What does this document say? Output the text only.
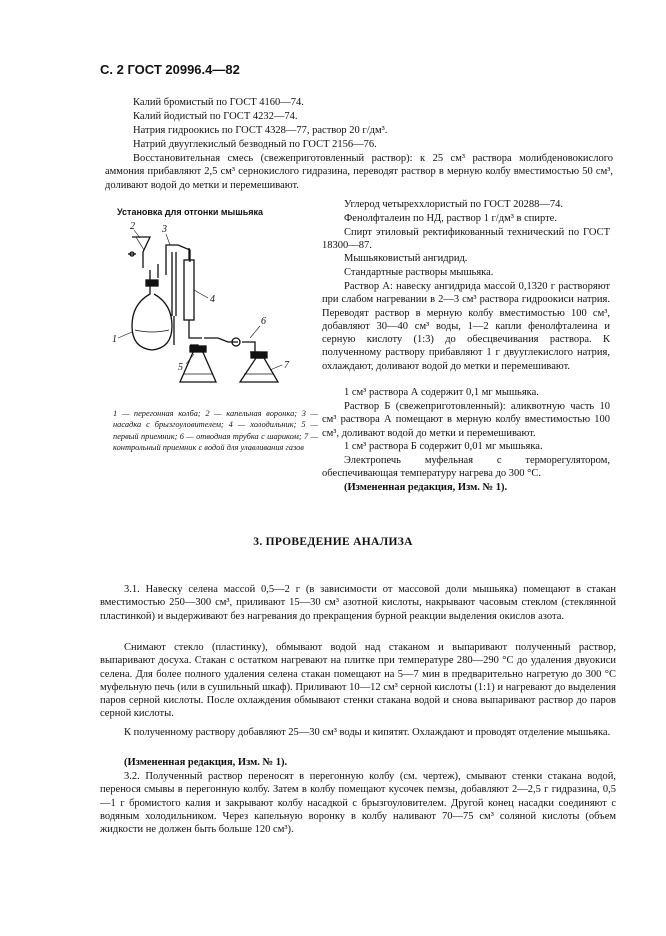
С. 2 ГОСТ 20996.4—82
Калий бромистый по ГОСТ 4160—74.
Калий йодистый по ГОСТ 4232—74.
Натрия гидроокись по ГОСТ 4328—77, раствор 20 г/дм³.
Натрий двууглекислый безводный по ГОСТ 2156—76.
Восстановительная смесь (свежеприготовленный раствор): к 25 см³ раствора молибденовокислого аммония прибавляют 2,5 см³ сернокислого гидразина, переводят раствор в мерную колбу вместимостью 50 см³, доливают водой до метки и перемешивают.
Установка для отгонки мышьяка
1
2	3
4
5
6
7
1 — перегонная колба; 2 — капельная воронка; 3 — насадка с брызгоуловителем; 4 — холодильник; 5 — первый приемник; 6 — отводная трубка с шариком; 7 — контрольный приемник с водой для улавливания газов
Углерод четыреххлористый по ГОСТ 20288—74.
Фенолфталеин по НД, раствор 1 г/дм³ в спирте.
Спирт этиловый ректификованный технический по ГОСТ 18300—87.
Мышьяковистый ангидрид.
Стандартные растворы мышьяка.
Раствор А: навеску ангидрида массой 0,1320 г растворяют при слабом нагревании в 2—3 см³ раствора гидроокиси натрия. Переводят раствор в мерную колбу вместимостью 100 см³, добавляют 30—40 см³ воды, 1—2 капли фенолфталеина и серную кислоту (1:3) до обесцвечивания раствора. К полученному раствору прибавляют 1 г двууглекислого натрия, охлаждают, доливают водой до метки и перемешивают.
1 см³ раствора А содержит 0,1 мг мышьяка.
Раствор Б (свежеприготовленный): аликвотную часть 10 см³ раствора А помещают в мерную колбу вместимостью 100 см³, доливают водой до метки и перемешивают.
1 см³ раствора Б содержит 0,01 мг мышьяка.
Электропечь муфельная с терморегулятором, обеспечивающая температуру нагрева до 300 °С.
(Измененная редакция, Изм. № 1).
3. ПРОВЕДЕНИЕ АНАЛИЗА
3.1. Навеску селена массой 0,5—2 г (в зависимости от массовой доли мышьяка) помещают в стакан вместимостью 250—300 см³, приливают 15—30 см³ азотной кислоты, накрывают часовым стеклом (стеклянной пластинкой) и выдерживают без нагревания до прекращения бурной реакции выделения окислов азота.
Снимают стекло (пластинку), обмывают водой над стаканом и выпаривают полученный раствор, выпаривают досуха. Стакан с остатком нагревают на плитке при температуре 280—290 °С до удаления двуокиси селена. Для более полного удаления селена стакан помещают на 5—7 мин в предварительно нагретую до 300 °С муфельную печь (или в сушильный шкаф). Приливают 10—12 см³ серной кислоты (1:1) и нагревают до выделения паров серной кислоты. После охлаждения обмывают стенки стакана водой и снова выпаривают раствор до паров серной кислоты.
К полученному раствору добавляют 25—30 см³ воды и кипятят. Охлаждают и проводят отделение мышьяка.
(Измененная редакция, Изм. № 1).
3.2. Полученный раствор переносят в перегонную колбу (см. чертеж), смывают стенки стакана водой, перенося смывы в перегонную колбу. Затем в колбу помещают кусочек пемзы, добавляют 2—2,5 г гидразина, 0,5—1 г бромистого калия и закрывают колбу насадкой с брызгоуловителем. Другой конец насадки соединяют с водяным холодильником. Через капельную воронку в колбу наливают 70—75 см³ соляной кислоты (объем жидкости не должен быть больше 120 см³).
